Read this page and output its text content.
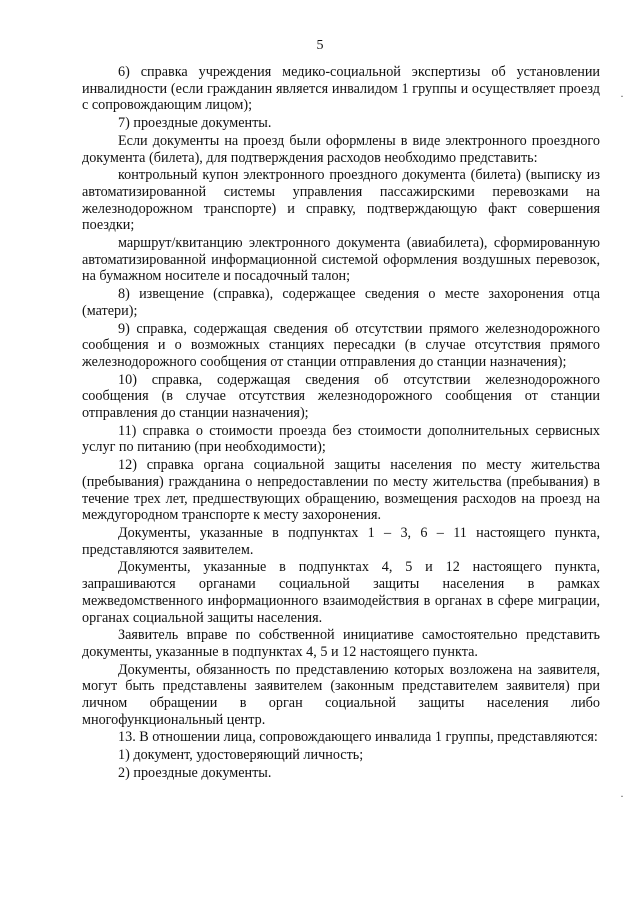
5

6) справка учреждения медико-социальной экспертизы об установлении инвалидности (если гражданин является инвалидом 1 группы и осуществляет проезд с сопровождающим лицом);

7) проездные документы.

Если документы на проезд были оформлены в виде электронного проездного документа (билета), для подтверждения расходов необходимо представить:

контрольный купон электронного проездного документа (билета) (выписку из автоматизированной системы управления пассажирскими перевозками на железнодорожном транспорте) и справку, подтверждающую факт совершения поездки;

маршрут/квитанцию электронного документа (авиабилета), сформированную автоматизированной информационной системой оформления воздушных перевозок, на бумажном носителе и посадочный талон;

8) извещение (справка), содержащее сведения о месте захоронения отца (матери);

9) справка, содержащая сведения об отсутствии прямого железнодорожного сообщения и о возможных станциях пересадки (в случае отсутствия прямого железнодорожного сообщения от станции отправления до станции назначения);

10) справка, содержащая сведения об отсутствии железнодорожного сообщения (в случае отсутствия железнодорожного сообщения от станции отправления до станции назначения);

11) справка о стоимости проезда без стоимости дополнительных сервисных услуг по питанию (при необходимости);

12) справка органа социальной защиты населения по месту жительства (пребывания) гражданина о непредоставлении по месту жительства (пребывания) в течение трех лет, предшествующих обращению, возмещения расходов на проезд на междугородном транспорте к месту захоронения.

Документы, указанные в подпунктах 1 – 3, 6 – 11 настоящего пункта, представляются заявителем.

Документы, указанные в подпунктах 4, 5 и 12 настоящего пункта, запрашиваются органами социальной защиты населения в рамках межведомственного информационного взаимодействия в органах в сфере миграции, органах социальной защиты населения.

Заявитель вправе по собственной инициативе самостоятельно представить документы, указанные в подпунктах 4, 5 и 12 настоящего пункта.

Документы, обязанность по представлению которых возложена на заявителя, могут быть представлены заявителем (законным представителем заявителя) при личном обращении в орган социальной защиты населения либо многофункциональный центр.

13. В отношении лица, сопровождающего инвалида 1 группы, представляются:

1) документ, удостоверяющий личность;

2) проездные документы.

·
·
